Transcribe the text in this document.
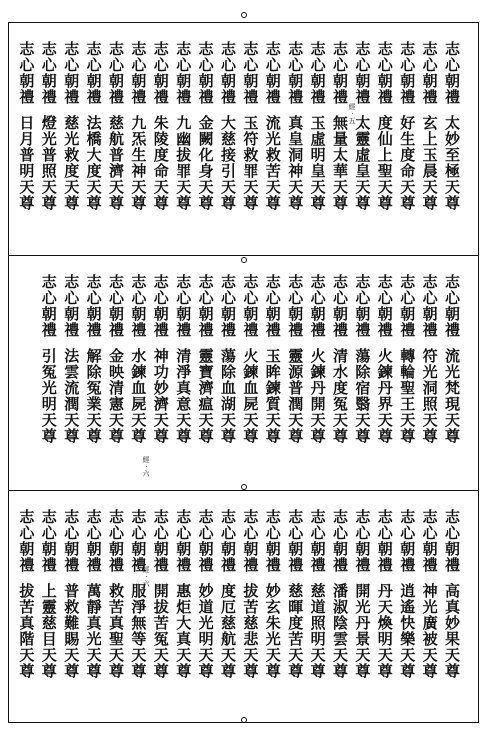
志心朝禮
太妙至極天尊
志心朝禮
玄上玉晨天尊
志心朝禮
好生度命天尊
志心朝禮
度仙上聖天尊
志心朝禮
太靈虛皇天尊
志心朝禮
無量太華天尊
志心朝禮
玉虛明皇天尊
志心朝禮
真皇洞神天尊
志心朝禮
流光救苦天尊
志心朝禮
玉符救罪天尊
志心朝禮
大慈接引天尊
志心朝禮
金闕化身天尊
志心朝禮
九幽拔罪天尊
志心朝禮
朱陵度命天尊
志心朝禮
九炁生神天尊
志心朝禮
慈航普濟天尊
志心朝禮
法橋大度天尊
志心朝禮
慈光救度天尊
志心朝禮
燈光普照天尊
志心朝禮
日月普明天尊
經 · 五
志心朝禮
流光梵現天尊
志心朝禮
符光洞照天尊
志心朝禮
轉輪聖王天尊
志心朝禮
火鍊丹界天尊
志心朝禮
蕩除宿翳天尊
志心朝禮
清水度冤天尊
志心朝禮
火鍊丹開天尊
志心朝禮
靈源普潤天尊
志心朝禮
玉眸鍊質天尊
志心朝禮
火鍊血屍天尊
志心朝禮
蕩除血湖天尊
志心朝禮
靈寶濟瘟天尊
志心朝禮
清淨真意天尊
志心朝禮
神功妙濟天尊
志心朝禮
水鍊血屍天尊
志心朝禮
金映清憲天尊
志心朝禮
解除冤業天尊
志心朝禮
法雲流潤天尊
志心朝禮
引冤光明天尊
經 · 六
志心朝禮
高真妙果天尊
志心朝禮
神光廣被天尊
志心朝禮
逍遙快樂天尊
志心朝禮
丹天煥明天尊
志心朝禮
開光丹景天尊
志心朝禮
潘淑陰雲天尊
志心朝禮
慈道照明天尊
志心朝禮
慈暉度苦天尊
志心朝禮
妙玄朱光天尊
志心朝禮
拔苦慈悲天尊
志心朝禮
度厄慈航天尊
志心朝禮
妙道光明天尊
志心朝禮
惠炬大真天尊
志心朝禮
開拔苦冤天尊
志心朝禮
服淨無等天尊
志心朝禮
救苦真聖天尊
志心朝禮
萬靜真光天尊
志心朝禮
普救難賜天尊
志心朝禮
上靈慈目天尊
志心朝禮
拔苦真階天尊
經 · 六
